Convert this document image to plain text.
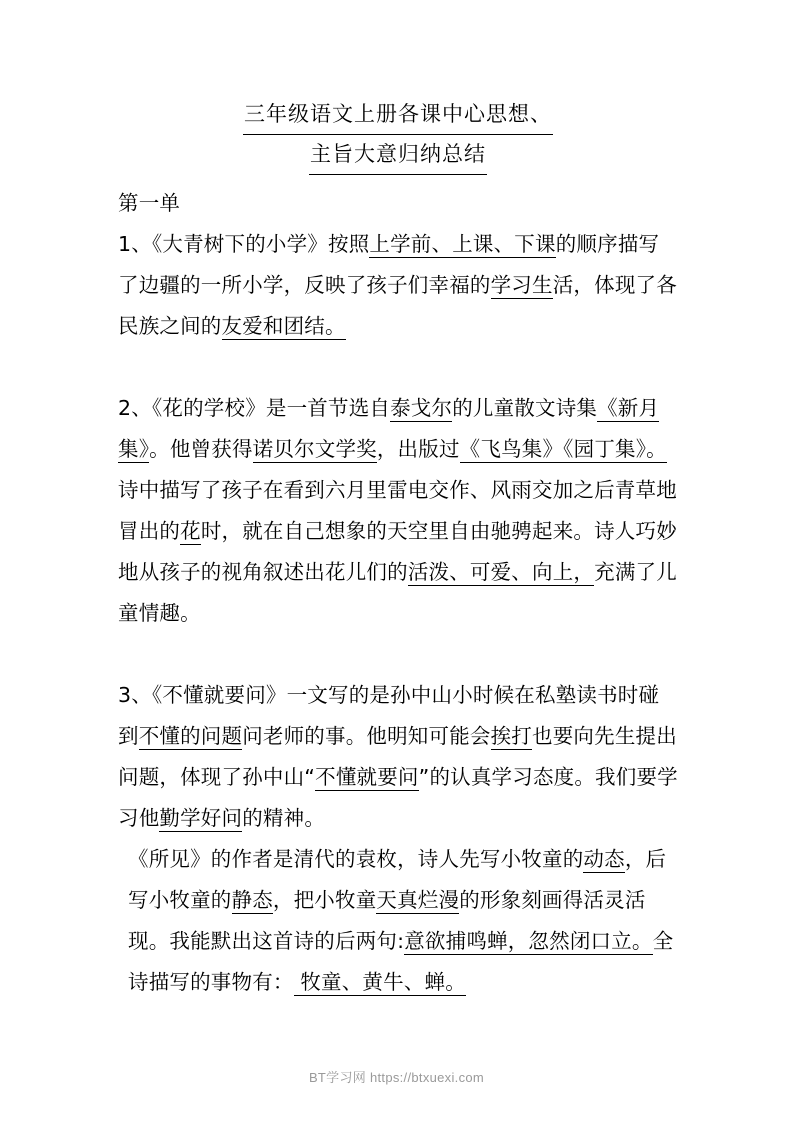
三年级语文上册各课中心思想、
主旨大意归纳总结

第一单

1、《大青树下的小学》按照上学前、上课、下课的顺序描写了边疆的一所小学，反映了孩子们幸福的学习生活，体现了各民族之间的友爱和团结。

2、《花的学校》是一首节选自泰戈尔的儿童散文诗集《新月集》。他曾获得诺贝尔文学奖，出版过《飞鸟集》《园丁集》。诗中描写了孩子在看到六月里雷电交作、风雨交加之后青草地冒出的花时，就在自己想象的天空里自由驰骋起来。诗人巧妙地从孩子的视角叙述出花儿们的活泼、可爱、向上，充满了儿童情趣。

3、《不懂就要问》一文写的是孙中山小时候在私塾读书时碰到不懂的问题问老师的事。他明知可能会挨打也要向先生提出问题，体现了孙中山“不懂就要问”的认真学习态度。我们要学习他勤学好问的精神。

《所见》的作者是清代的袁枚，诗人先写小牧童的动态，后写小牧童的静态，把小牧童天真烂漫的形象刻画得活灵活现。我能默出这首诗的后两句:意欲捕鸣蝉，忽然闭口立。全诗描写的事物有： 牧童、黄牛、蝉。

BT学习网 https://btxuexi.com
